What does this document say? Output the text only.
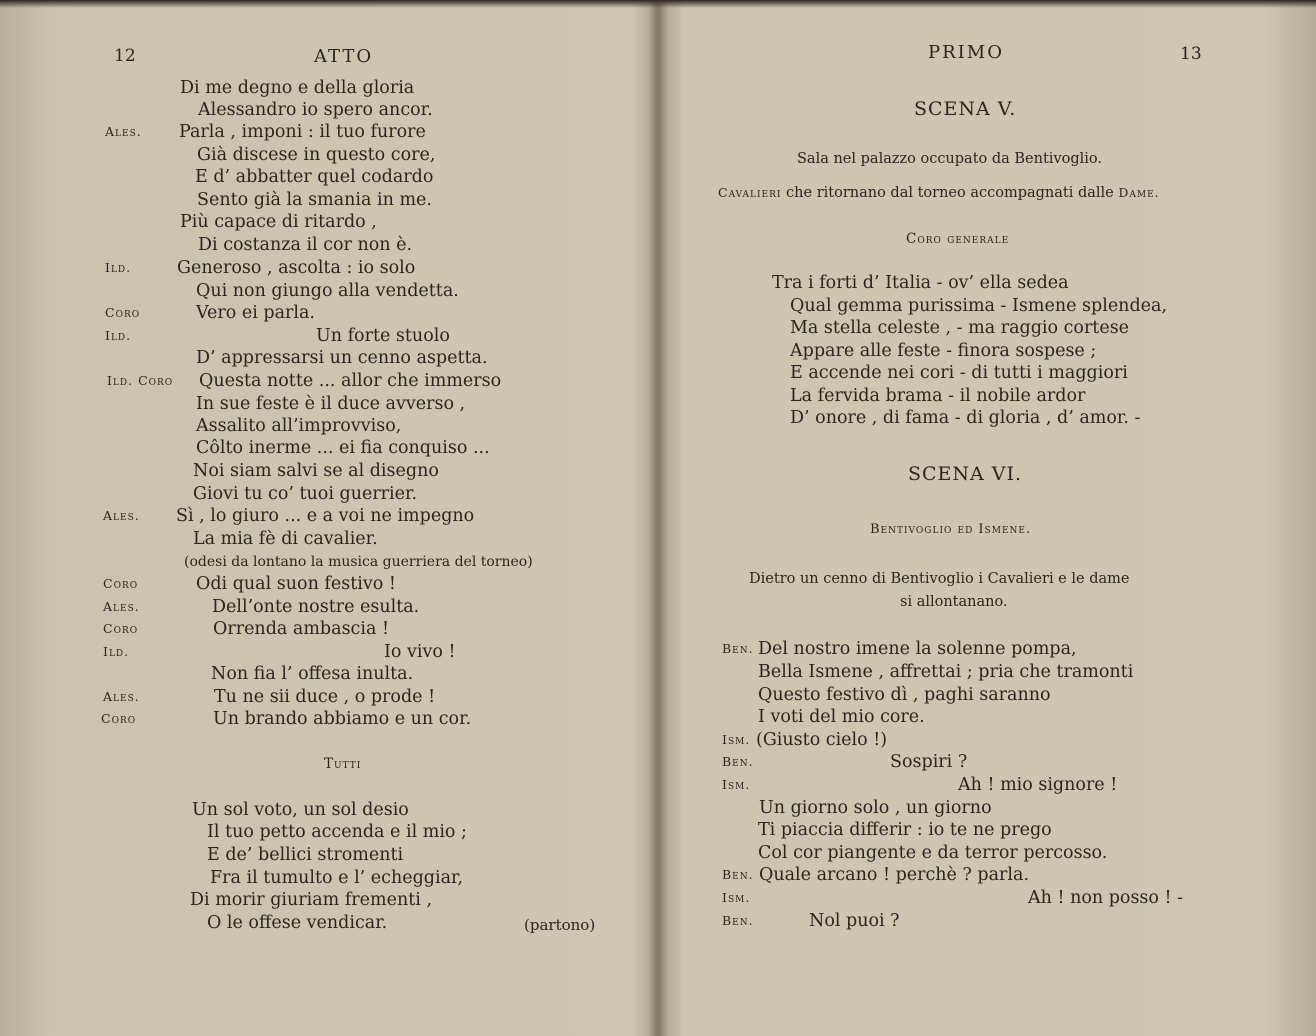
12	ATTO
Di me degno e della gloria
Alessandro io spero ancor.
Ales. Parla , imponi : il tuo furore
Già discese in questo core,
E d’ abbatter quel codardo
Sento già la smania in me.
Più capace di ritardo ,
Di costanza il cor non è.
Ild.	Generoso , ascolta : io solo
Qui non giungo alla vendetta.
Coro	Vero ei parla.
Ild.	Un forte stuolo
D’ appressarsi un cenno aspetta.
Ild. Coro Questa notte ... allor che immerso
In sue feste è il duce avverso ,
Assalito all’improvviso,
Côlto inerme ... ei fia conquiso ...
Noi siam salvi se al disegno
Giovi tu co’ tuoi guerrier.
Ales. Sì , lo giuro ... e a voi ne impegno
La mia fè di cavalier.
(odesi da lontano la musica guerriera del torneo)
Coro	Odi qual suon festivo !
Ales.	Dell’onte nostre esulta.
Coro	Orrenda ambascia !
Ild.	Io vivo !
Non fia l’ offesa inulta.
Ales.	Tu ne sii duce , o prode !
Coro	Un brando abbiamo e un cor.
Tutti
Un sol voto, un sol desio
Il tuo petto accenda e il mio ;
E de’ bellici stromenti
Fra il tumulto e l’ echeggiar,
Di morir giuriam frementi ,
O le offese vendicar.	(partono)
PRIMO	13
SCENA V.
Sala nel palazzo occupato da Bentivoglio.
Cavalieri che ritornano dal torneo accompagnati dalle Dame.
Coro generale
Tra i forti d’ Italia - ov’ ella sedea
Qual gemma purissima - Ismene splendea,
Ma stella celeste , - ma raggio cortese
Appare alle feste - finora sospese ;
E accende nei cori - di tutti i maggiori
La fervida brama - il nobile ardor
D’ onore , di fama - di gloria , d’ amor. -
SCENA VI.
Bentivoglio ed Ismene.
Dietro un cenno di Bentivoglio i Cavalieri e le dame
si allontanano.
Ben. Del nostro imene la solenne pompa,
Bella Ismene , affrettai ; pria che tramonti
Questo festivo dì , paghi saranno
I voti del mio core.
Ism. (Giusto cielo !)
Ben.	Sospiri ?
Ism.	Ah ! mio signore !
Un giorno solo , un giorno
Ti piaccia differir : io te ne prego
Col cor piangente e da terror percosso.
Ben. Quale arcano ! perchè ? parla.
Ism.	Ah ! non posso ! -
Ben.	Nol puoi ?
